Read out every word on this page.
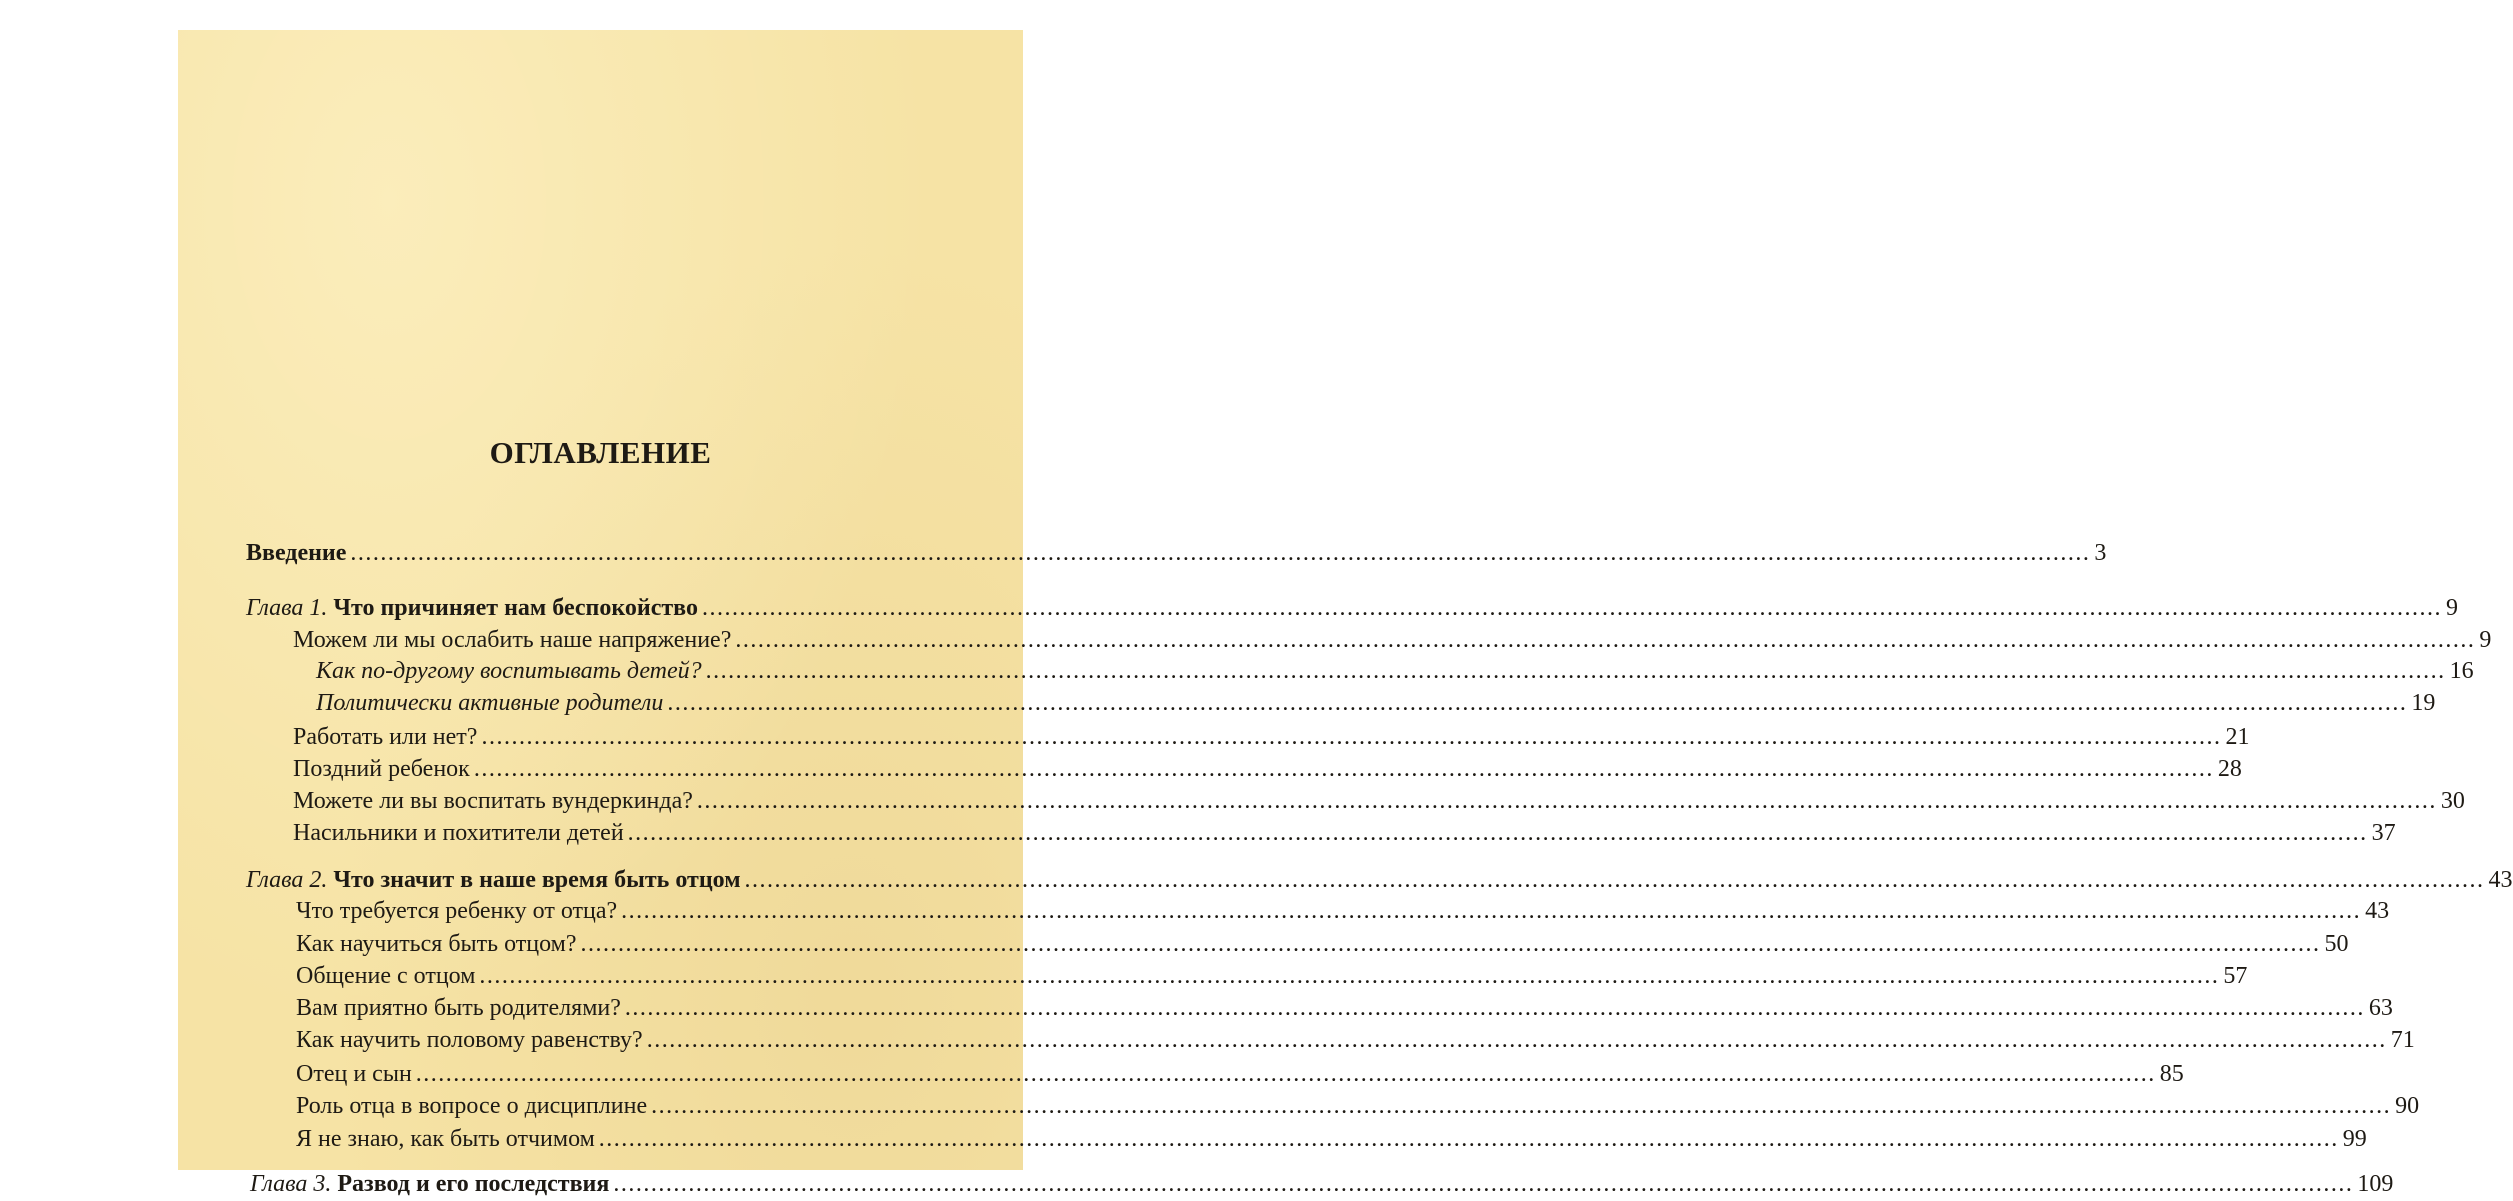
ОГЛАВЛЕНИЕ
Введение .....	3
Глава 1. Что причиняет нам беспокойство .....	9
Можем ли мы ослабить наше напряжение? .....	9
Как по-другому воспитывать детей? .....	16
Политически активные родители .....	19
Работать или нет? .....	21
Поздний ребенок .....	28
Можете ли вы воспитать вундеркинда? .....	30
Насильники и похитители детей .....	37
Глава 2. Что значит в наше время быть отцом .....	43
Что требуется ребенку от отца? .....	43
Как научиться быть отцом? .....	50
Общение с отцом .....	57
Вам приятно быть родителями? .....	63
Как научить половому равенству? .....	71
Отец и сын .....	85
Роль отца в вопросе о дисциплине .....	90
Я не знаю, как быть отчимом .....	99
Глава 3. Развод и его последствия .....	109
